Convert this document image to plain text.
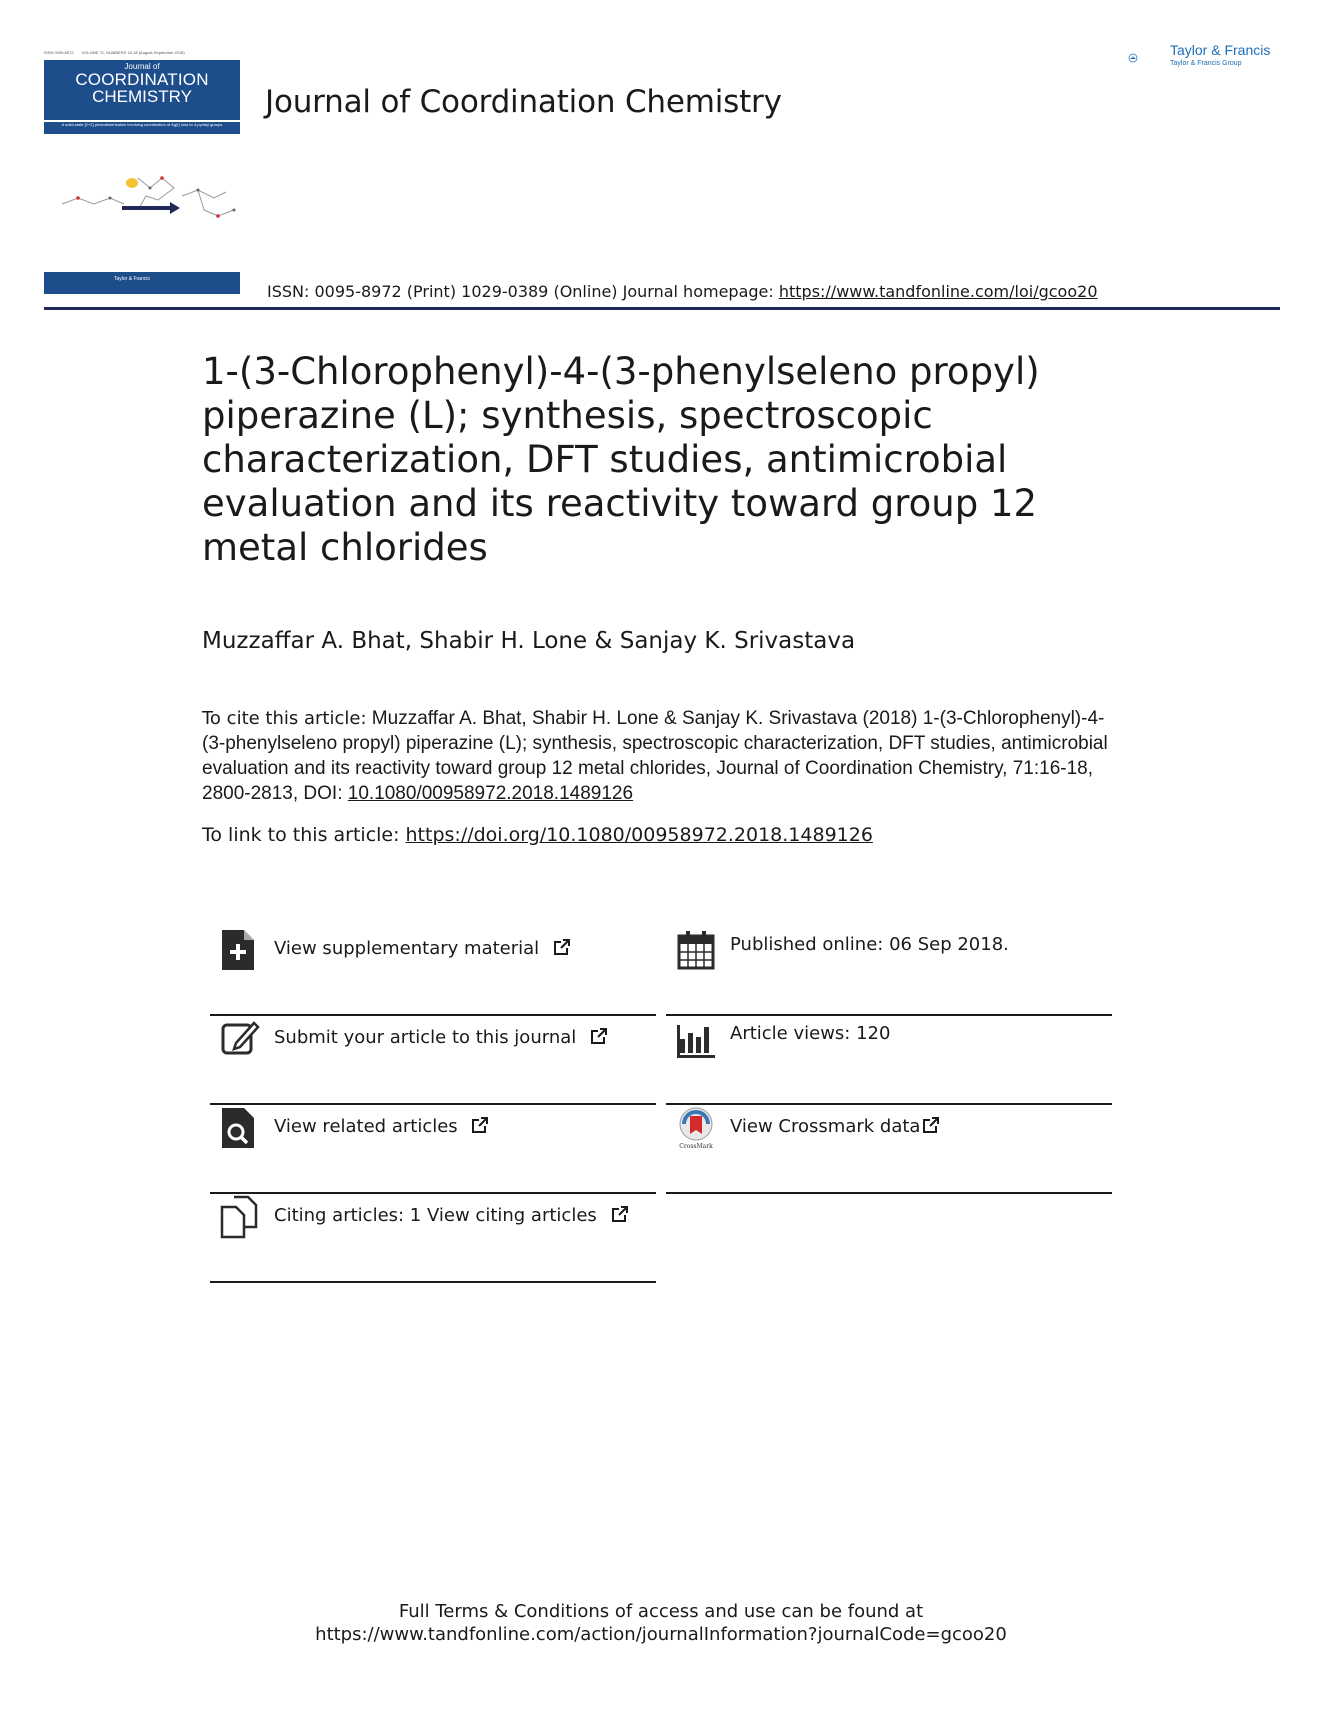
ISSN 0095-8972 VOLUME 71, NUMBERS 16-18 (August-September 2018)
Journal of
COORDINATION
CHEMISTRY
A solid-state [2+2] photodimerization involving coordination of Ag(I) ions to 4-pyridyl groups
Taylor & Francis
Journal of Coordination Chemistry
Taylor & Francis
Taylor & Francis Group
ISSN: 0095-8972 (Print) 1029-0389 (Online) Journal homepage: https://www.tandfonline.com/loi/gcoo20
1-(3-Chlorophenyl)-4-(3-phenylseleno propyl) piperazine (L); synthesis, spectroscopic characterization, DFT studies, antimicrobial evaluation and its reactivity toward group 12 metal chlorides
Muzzaffar A. Bhat, Shabir H. Lone & Sanjay K. Srivastava
To cite this article: Muzzaffar A. Bhat, Shabir H. Lone & Sanjay K. Srivastava (2018) 1-(3-Chlorophenyl)-4-(3-phenylseleno propyl) piperazine (L); synthesis, spectroscopic characterization, DFT studies, antimicrobial evaluation and its reactivity toward group 12 metal chlorides, Journal of Coordination Chemistry, 71:16-18, 2800-2813, DOI: 10.1080/00958972.2018.1489126
To link to this article: https://doi.org/10.1080/00958972.2018.1489126
View supplementary material
Submit your article to this journal
View related articles
Citing articles: 1 View citing articles
Published online: 06 Sep 2018.
Article views: 120
CrossMark
View Crossmark data
Full Terms & Conditions of access and use can be found at
https://www.tandfonline.com/action/journalInformation?journalCode=gcoo20
